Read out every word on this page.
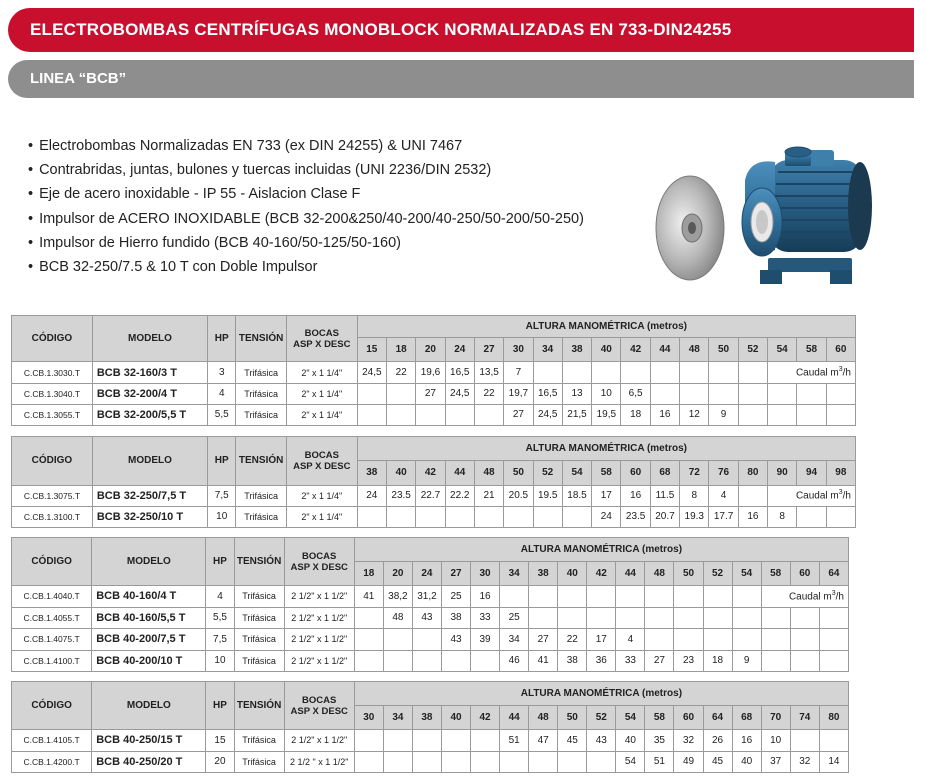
ELECTROBOMBAS CENTRÍFUGAS MONOBLOCK NORMALIZADAS EN 733-DIN24255
LINEA “BCB”
• Electrobombas Normalizadas EN 733 (ex DIN 24255) & UNI 7467
• Contrabridas, juntas, bulones y tuercas incluidas (UNI 2236/DIN 2532)
• Eje de acero inoxidable - IP 55 - Aislacion Clase F
• Impulsor de ACERO INOXIDABLE (BCB 32-200&250/40-200/40-250/50-200/50-250)
• Impulsor de Hierro fundido (BCB 40-160/50-125/50-160)
• BCB 32-250/7.5 & 10 T con Doble Impulsor
CÓDIGO	MODELO	HP	TENSIÓN	BOCAS
ASP X DESC	ALTURA MANOMÉTRICA (metros)																
					15	18	20	24	27	30	34	38	40	42	44	48	50	52	54	58	60
C.CB.1.3030.T	BCB 32-160/3 T	3	Trifásica	2" x 1 1/4"	24,5	22	19,6	16,5	13,5	7									Caudal $m^3/h$		
C.CB.1.3040.T	BCB 32-200/4 T	4	Trifásica	2" x 1 1/4"			27	24,5	22	19,7	16,5	13	10	6,5							
C.CB.1.3055.T	BCB 32-200/5,5 T	5,5	Trifásica	2" x 1 1/4"						27	24,5	21,5	19,5	18	16	12	9				
CÓDIGO	MODELO	HP	TENSIÓN	BOCAS
ASP X DESC	ALTURA MANOMÉTRICA (metros)																
					38	40	42	44	48	50	52	54	58	60	68	72	76	80	90	94	98
C.CB.1.3075.T	BCB 32-250/7,5 T	7,5	Trifásica	2" x 1 1/4"	24	23.5	22.7	22.2	21	20.5	19.5	18.5	17	16	11.5	8	4		Caudal $m^3/h$		
C.CB.1.3100.T	BCB 32-250/10 T	10	Trifásica	2" x 1 1/4"									24	23.5	20.7	19.3	17.7	16	8		
CÓDIGO	MODELO	HP	TENSIÓN	BOCAS
ASP X DESC	ALTURA MANOMÉTRICA (metros)																
					18	20	24	27	30	34	38	40	42	44	48	50	52	54	58	60	64
C.CB.1.4040.T	BCB 40-160/4 T	4	Trifásica	2 1/2" x 1 1/2"	41	38,2	31,2	25	16										Caudal $m^3/h$		
C.CB.1.4055.T	BCB 40-160/5,5 T	5,5	Trifásica	2 1/2" x 1 1/2"		48	43	38	33	25											
C.CB.1.4075.T	BCB 40-200/7,5 T	7,5	Trifásica	2 1/2" x 1 1/2"				43	39	34	27	22	17	4							
C.CB.1.4100.T	BCB 40-200/10 T	10	Trifásica	2 1/2" x 1 1/2"						46	41	38	36	33	27	23	18	9			
CÓDIGO	MODELO	HP	TENSIÓN	BOCAS
ASP X DESC	ALTURA MANOMÉTRICA (metros)																
					30	34	38	40	42	44	48	50	52	54	58	60	64	68	70	74	80
C.CB.1.4105.T	BCB 40-250/15 T	15	Trifásica	2 1/2" x 1 1/2"						51	47	45	43	40	35	32	26	16	10		
C.CB.1.4200.T	BCB 40-250/20 T	20	Trifásica	2 1/2 " x 1 1/2"										54	51	49	45	40	37	32	14
